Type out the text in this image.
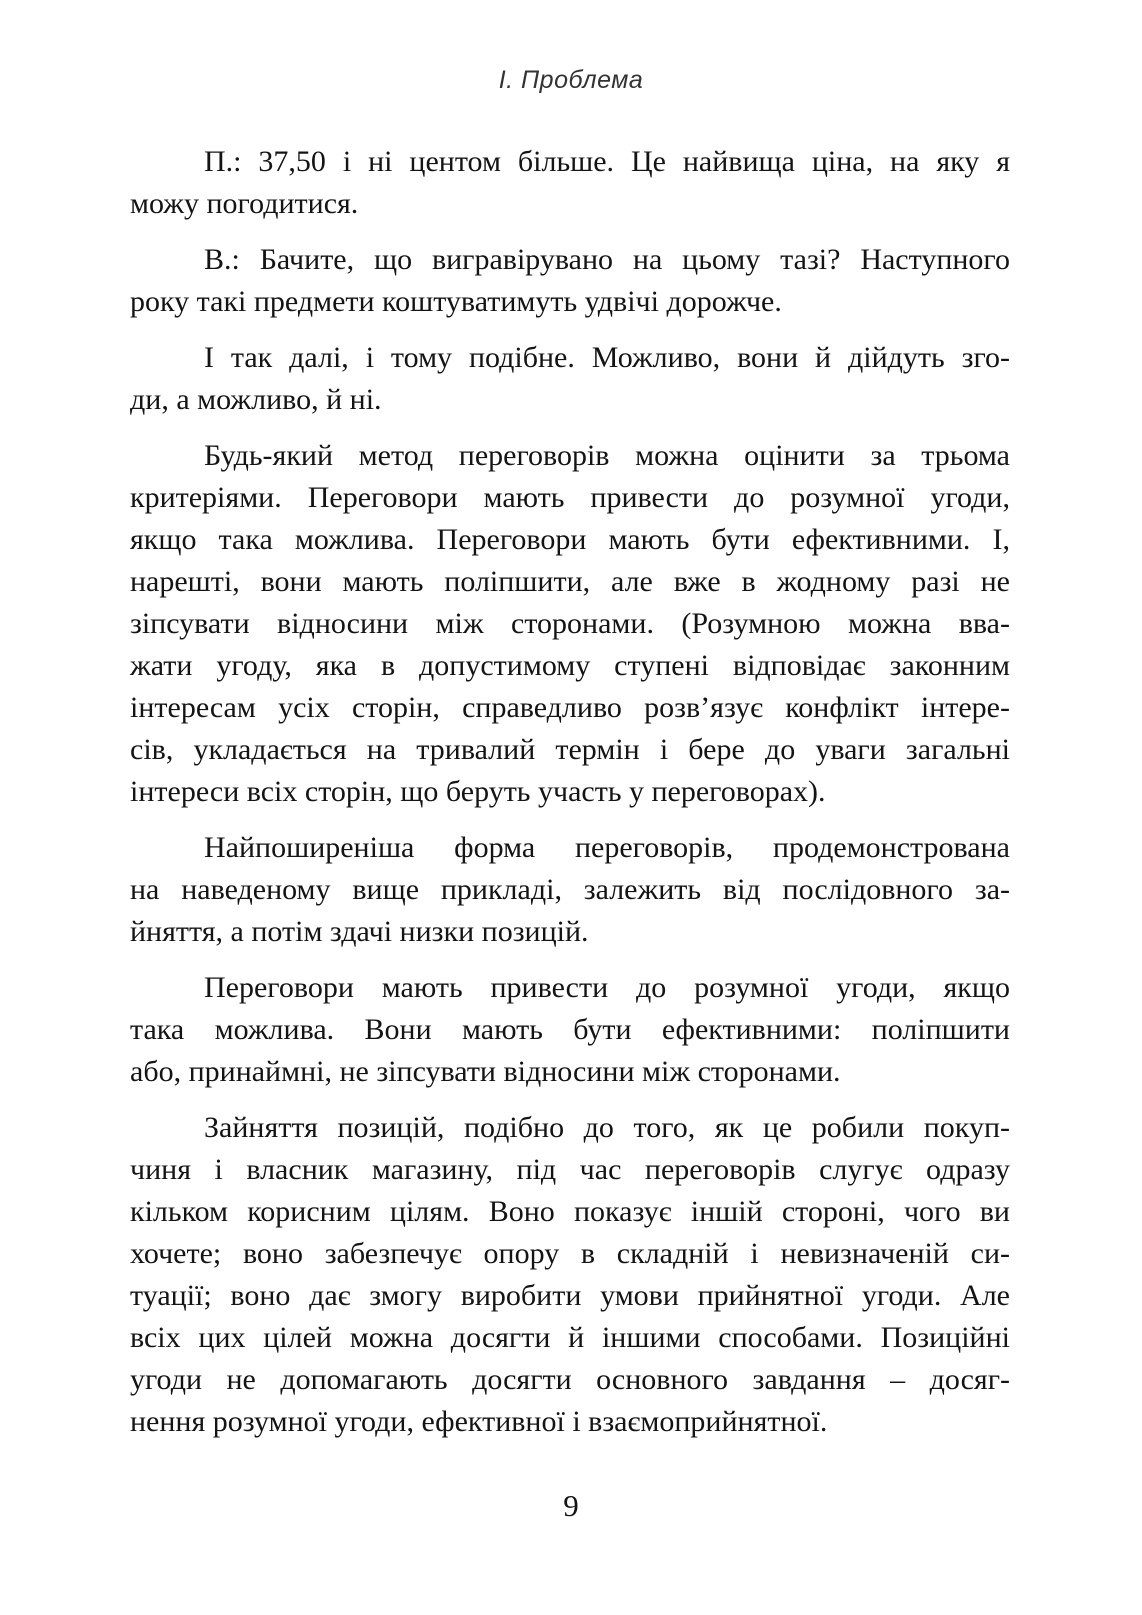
І. Проблема
П.: 37,50 і ні центом більше. Це найвища ціна, на яку я
можу погодитися.
В.: Бачите, що вигравірувано на цьому тазі? Наступного
року такі предмети коштуватимуть удвічі дорожче.
І так далі, і тому подібне. Можливо, вони й дійдуть зго-
ди, а можливо, й ні.
Будь-який метод переговорів можна оцінити за трьома
критеріями. Переговори мають привести до розумної угоди,
якщо така можлива. Переговори мають бути ефективними. І,
нарешті, вони мають поліпшити, але вже в жодному разі не
зіпсувати відносини між сторонами. (Розумною можна вва-
жати угоду, яка в допустимому ступені відповідає законним
інтересам усіх сторін, справедливо розв’язує конфлікт інтере-
сів, укладається на тривалий термін і бере до уваги загальні
інтереси всіх сторін, що беруть участь у переговорах).
Найпоширеніша форма переговорів, продемонстрована
на наведеному вище прикладі, залежить від послідовного за-
йняття, а потім здачі низки позицій.
Переговори мають привести до розумної угоди, якщо
така можлива. Вони мають бути ефективними: поліпшити
або, принаймні, не зіпсувати відносини між сторонами.
Зайняття позицій, подібно до того, як це робили покуп-
чиня і власник магазину, під час переговорів слугує одразу
кільком корисним цілям. Воно показує іншій стороні, чого ви
хочете; воно забезпечує опору в складній і невизначеній си-
туації; воно дає змогу виробити умови прийнятної угоди. Але
всіх цих цілей можна досягти й іншими способами. Позиційні
угоди не допомагають досягти основного завдання – досяг-
нення розумної угоди, ефективної і взаємоприйнятної.
9
